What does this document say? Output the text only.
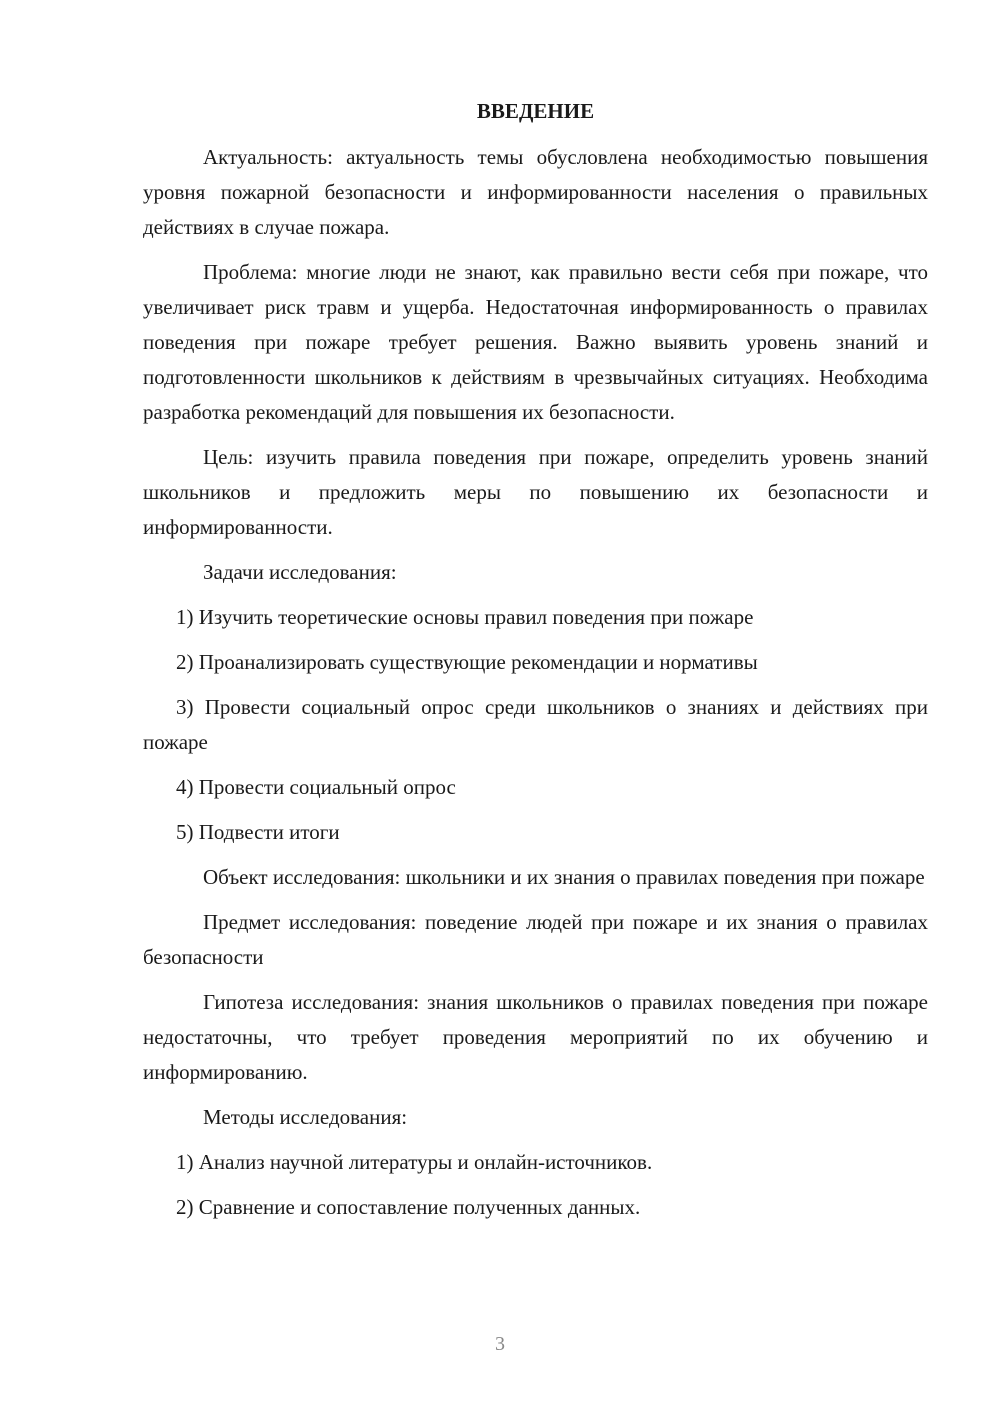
ВВЕДЕНИЕ

Актуальность: актуальность темы обусловлена необходимостью повышения уровня пожарной безопасности и информированности населения о правильных действиях в случае пожара.

Проблема: многие люди не знают, как правильно вести себя при пожаре, что увеличивает риск травм и ущерба. Недостаточная информированность о правилах поведения при пожаре требует решения. Важно выявить уровень знаний и подготовленности школьников к действиям в чрезвычайных ситуациях. Необходима разработка рекомендаций для повышения их безопасности.

Цель: изучить правила поведения при пожаре, определить уровень знаний школьников и предложить меры по повышению их безопасности и информированности.

Задачи исследования:

1) Изучить теоретические основы правил поведения при пожаре

2) Проанализировать существующие рекомендации и нормативы

3) Провести социальный опрос среди школьников о знаниях и действиях при пожаре

4) Провести социальный опрос

5) Подвести итоги

Объект исследования: школьники и их знания о правилах поведения при пожаре

Предмет исследования: поведение людей при пожаре и их знания о правилах безопасности

Гипотеза исследования: знания школьников о правилах поведения при пожаре недостаточны, что требует проведения мероприятий по их обучению и информированию.

Методы исследования:

1) Анализ научной литературы и онлайн-источников.

2) Сравнение и сопоставление полученных данных.

3
